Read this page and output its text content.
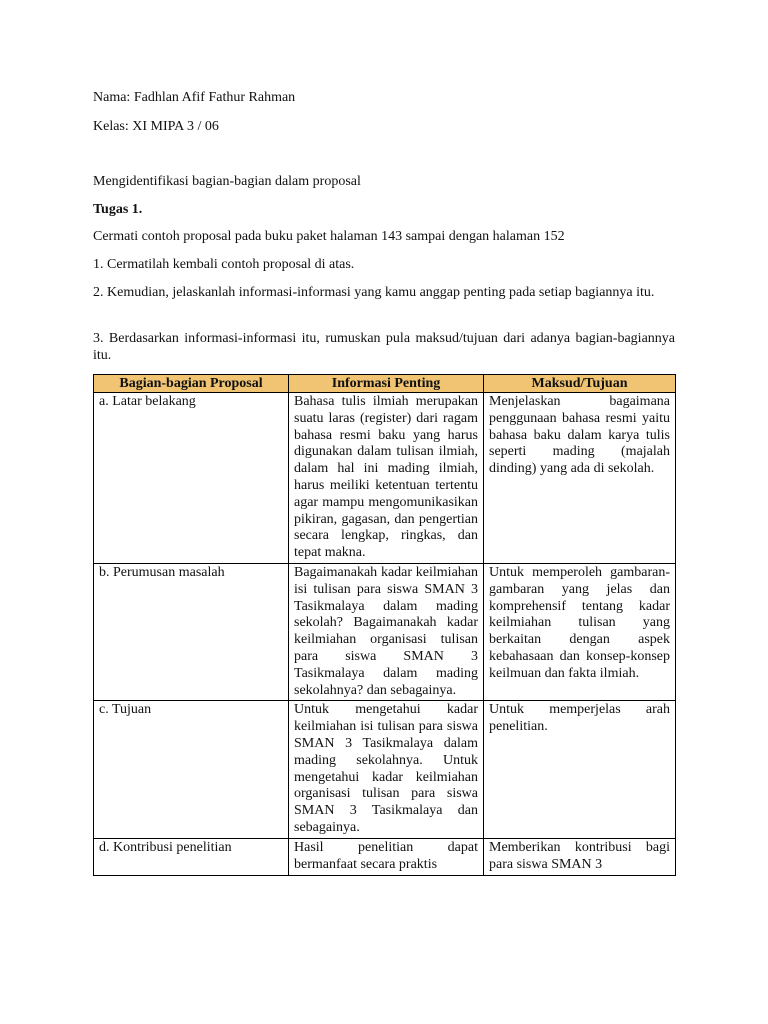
Nama: Fadhlan Afif Fathur Rahman
Kelas: XI MIPA 3 / 06
Mengidentifikasi bagian-bagian dalam proposal
Tugas 1.
Cermati contoh proposal pada buku paket halaman 143 sampai dengan halaman 152
1. Cermatilah kembali contoh proposal di atas.
2. Kemudian, jelaskanlah informasi-informasi yang kamu anggap penting pada setiap bagiannya itu.
3. Berdasarkan informasi-informasi itu, rumuskan pula maksud/tujuan dari adanya bagian-bagiannya itu.
Bagian-bagian Proposal	Informasi Penting	Maksud/Tujuan
a. Latar belakang	Bahasa tulis ilmiah merupakan suatu laras (register) dari ragam bahasa resmi baku yang harus digunakan dalam tulisan ilmiah, dalam hal ini mading ilmiah, harus meiliki ketentuan tertentu agar mampu mengomunikasikan pikiran, gagasan, dan pengertian secara lengkap, ringkas, dan tepat makna.	Menjelaskan bagaimana penggunaan bahasa resmi yaitu bahasa baku dalam karya tulis seperti mading (majalah dinding) yang ada di sekolah.
b. Perumusan masalah	Bagaimanakah kadar keilmiahan isi tulisan para siswa SMAN 3 Tasikmalaya dalam mading sekolah? Bagaimanakah kadar keilmiahan organisasi tulisan para siswa SMAN 3 Tasikmalaya dalam mading sekolahnya? dan sebagainya.	Untuk memperoleh gambaran-gambaran yang jelas dan komprehensif tentang kadar keilmiahan tulisan yang berkaitan dengan aspek kebahasaan dan konsep-konsep keilmuan dan fakta ilmiah.
c. Tujuan	Untuk mengetahui kadar keilmiahan isi tulisan para siswa SMAN 3 Tasikmalaya dalam mading sekolahnya. Untuk mengetahui kadar keilmiahan organisasi tulisan para siswa SMAN 3 Tasikmalaya dan sebagainya.	Untuk memperjelas arah penelitian.

d. Kontribusi penelitian	Hasil penelitian dapat bermanfaat secara praktis	Memberikan kontribusi bagi para siswa SMAN 3
